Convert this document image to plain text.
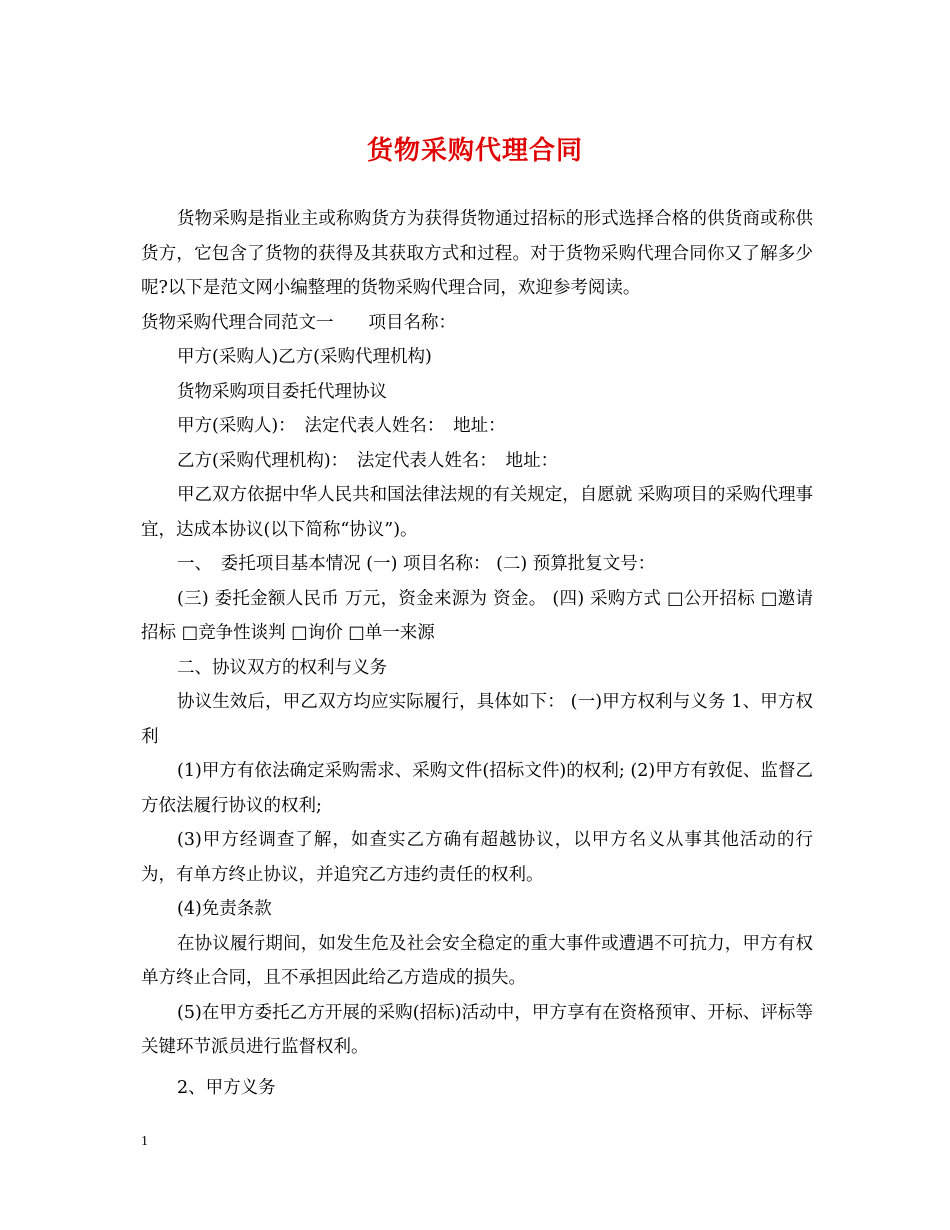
货物采购代理合同

货物采购是指业主或称购货方为获得货物通过招标的形式选择合格的供货商或称供货方，它包含了货物的获得及其获取方式和过程。对于货物采购代理合同你又了解多少呢?以下是范文网小编整理的货物采购代理合同，欢迎参考阅读。

货物采购代理合同范文一　　项目名称：

甲方(采购人)乙方(采购代理机构)

货物采购项目委托代理协议

甲方(采购人)：　法定代表人姓名：　地址：

乙方(采购代理机构)：　法定代表人姓名：　地址：

甲乙双方依据中华人民共和国法律法规的有关规定，自愿就 采购项目的采购代理事宜，达成本协议(以下简称“协议”)。

一、　委托项目基本情况 (一) 项目名称： (二) 预算批复文号：

(三) 委托金额人民币 万元，资金来源为 资金。 (四) 采购方式 □公开招标 □邀请招标 □竞争性谈判 □询价 □单一来源

二、协议双方的权利与义务

协议生效后，甲乙双方均应实际履行，具体如下： (一)甲方权利与义务 1、甲方权利

(1)甲方有依法确定采购需求、采购文件(招标文件)的权利; (2)甲方有敦促、监督乙方依法履行协议的权利;

(3)甲方经调查了解，如查实乙方确有超越协议，以甲方名义从事其他活动的行为，有单方终止协议，并追究乙方违约责任的权利。

(4)免责条款

在协议履行期间，如发生危及社会安全稳定的重大事件或遭遇不可抗力，甲方有权单方终止合同，且不承担因此给乙方造成的损失。

(5)在甲方委托乙方开展的采购(招标)活动中，甲方享有在资格预审、开标、评标等关键环节派员进行监督权利。

2、甲方义务

1
